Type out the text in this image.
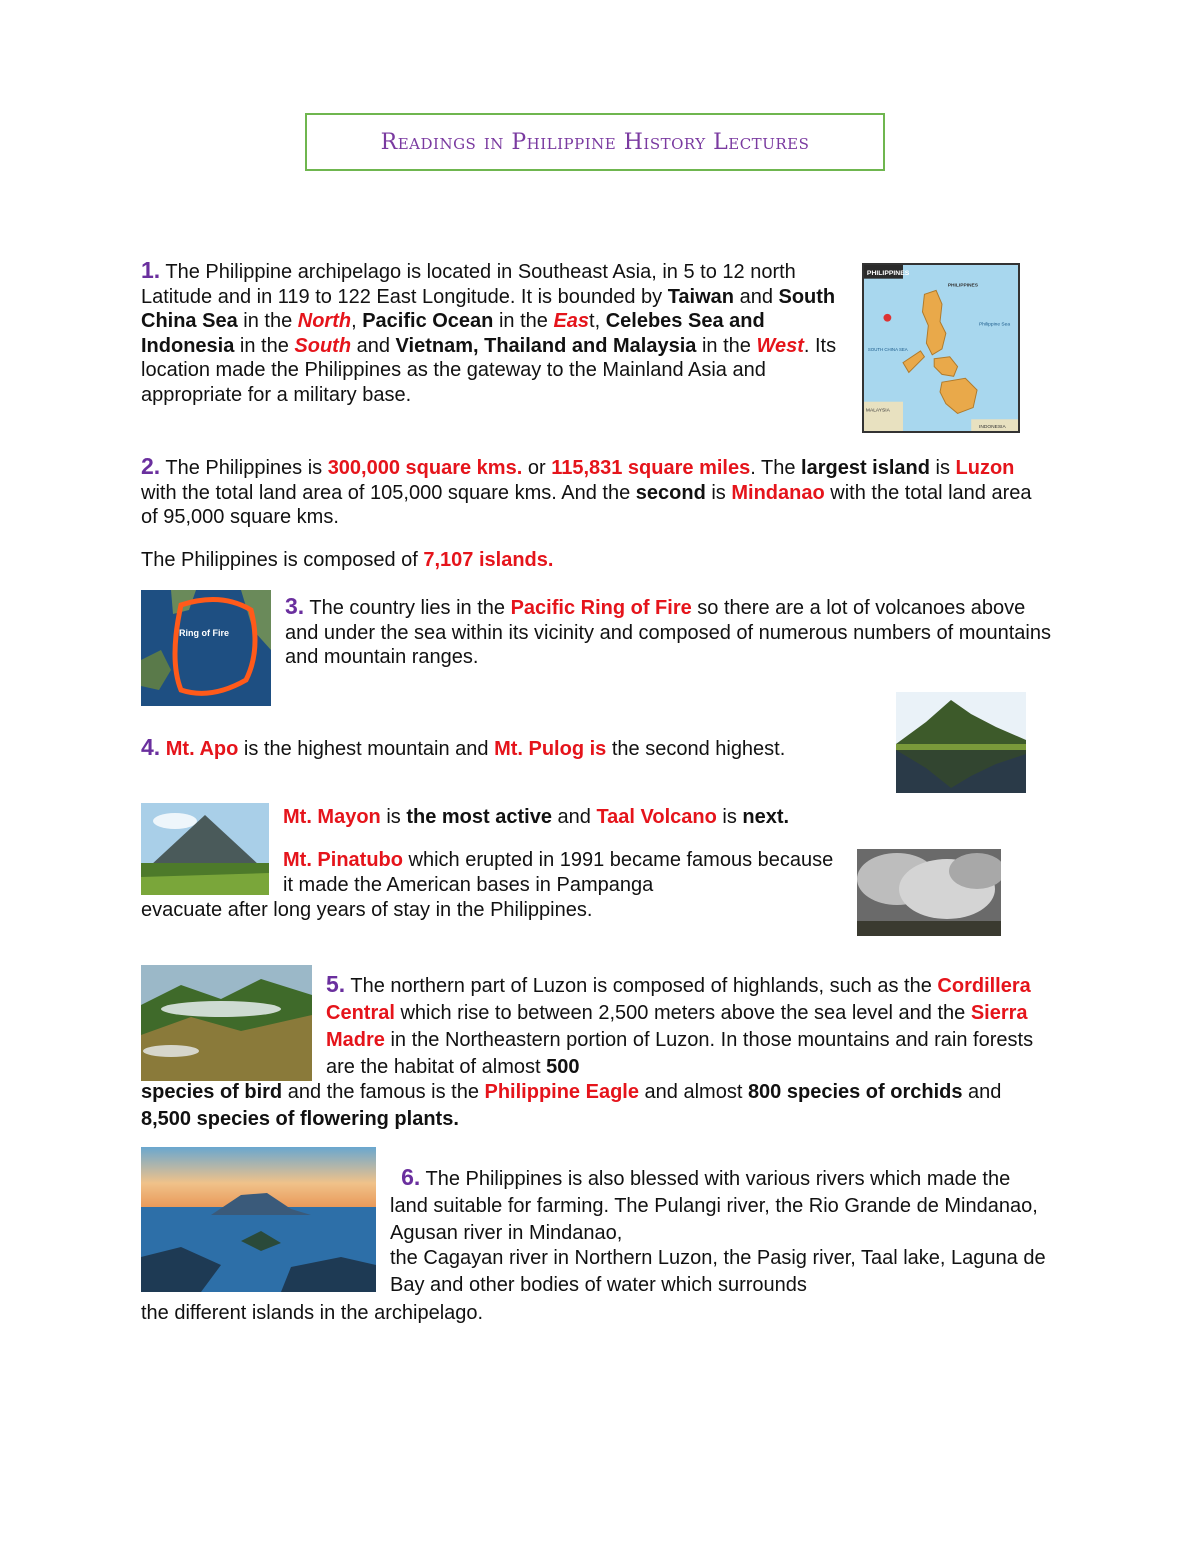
Readings in Philippine History Lectures
1. The Philippine archipelago is located in Southeast Asia, in 5 to 12 north Latitude and in 119 to 122 East Longitude. It is bounded by Taiwan and South China Sea in the North, Pacific Ocean in the East, Celebes Sea and Indonesia in the South and Vietnam, Thailand and Malaysia in the West. Its location made the Philippines as the gateway to the Mainland Asia and appropriate for a military base.
PHILIPPINES
Philippine Sea
PHILIPPINES
SOUTH CHINA SEA
MALAYSIA
INDONESIA
2. The Philippines is 300,000 square kms. or 115,831 square miles. The largest island is Luzon with the total land area of 105,000 square kms. And the second is Mindanao with the total land area of 95,000 square kms.
The Philippines is composed of 7,107 islands.
Ring of Fire
3. The country lies in the Pacific Ring of Fire so there are a lot of volcanoes above and under the sea within its vicinity and composed of numerous numbers of mountains and mountain ranges.
4. Mt. Apo is the highest mountain and Mt. Pulog is the second highest.
Mt. Mayon is the most active and Taal Volcano is next.
Mt. Pinatubo which erupted in 1991 became famous because it made the American bases in Pampanga
evacuate after long years of stay in the Philippines.
5. The northern part of Luzon is composed of highlands, such as the Cordillera Central which rise to between 2,500 meters above the sea level and the Sierra Madre in the Northeastern portion of Luzon. In those mountains and rain forests are the habitat of almost 500
species of bird and the famous is the Philippine Eagle and almost 800 species of orchids and 8,500 species of flowering plants.
6. The Philippines is also blessed with various rivers which made the land suitable for farming. The Pulangi river, the Rio Grande de Mindanao, Agusan river in Mindanao,
the Cagayan river in Northern Luzon, the Pasig river, Taal lake, Laguna de Bay and other bodies of water which surrounds
the different islands in the archipelago.
